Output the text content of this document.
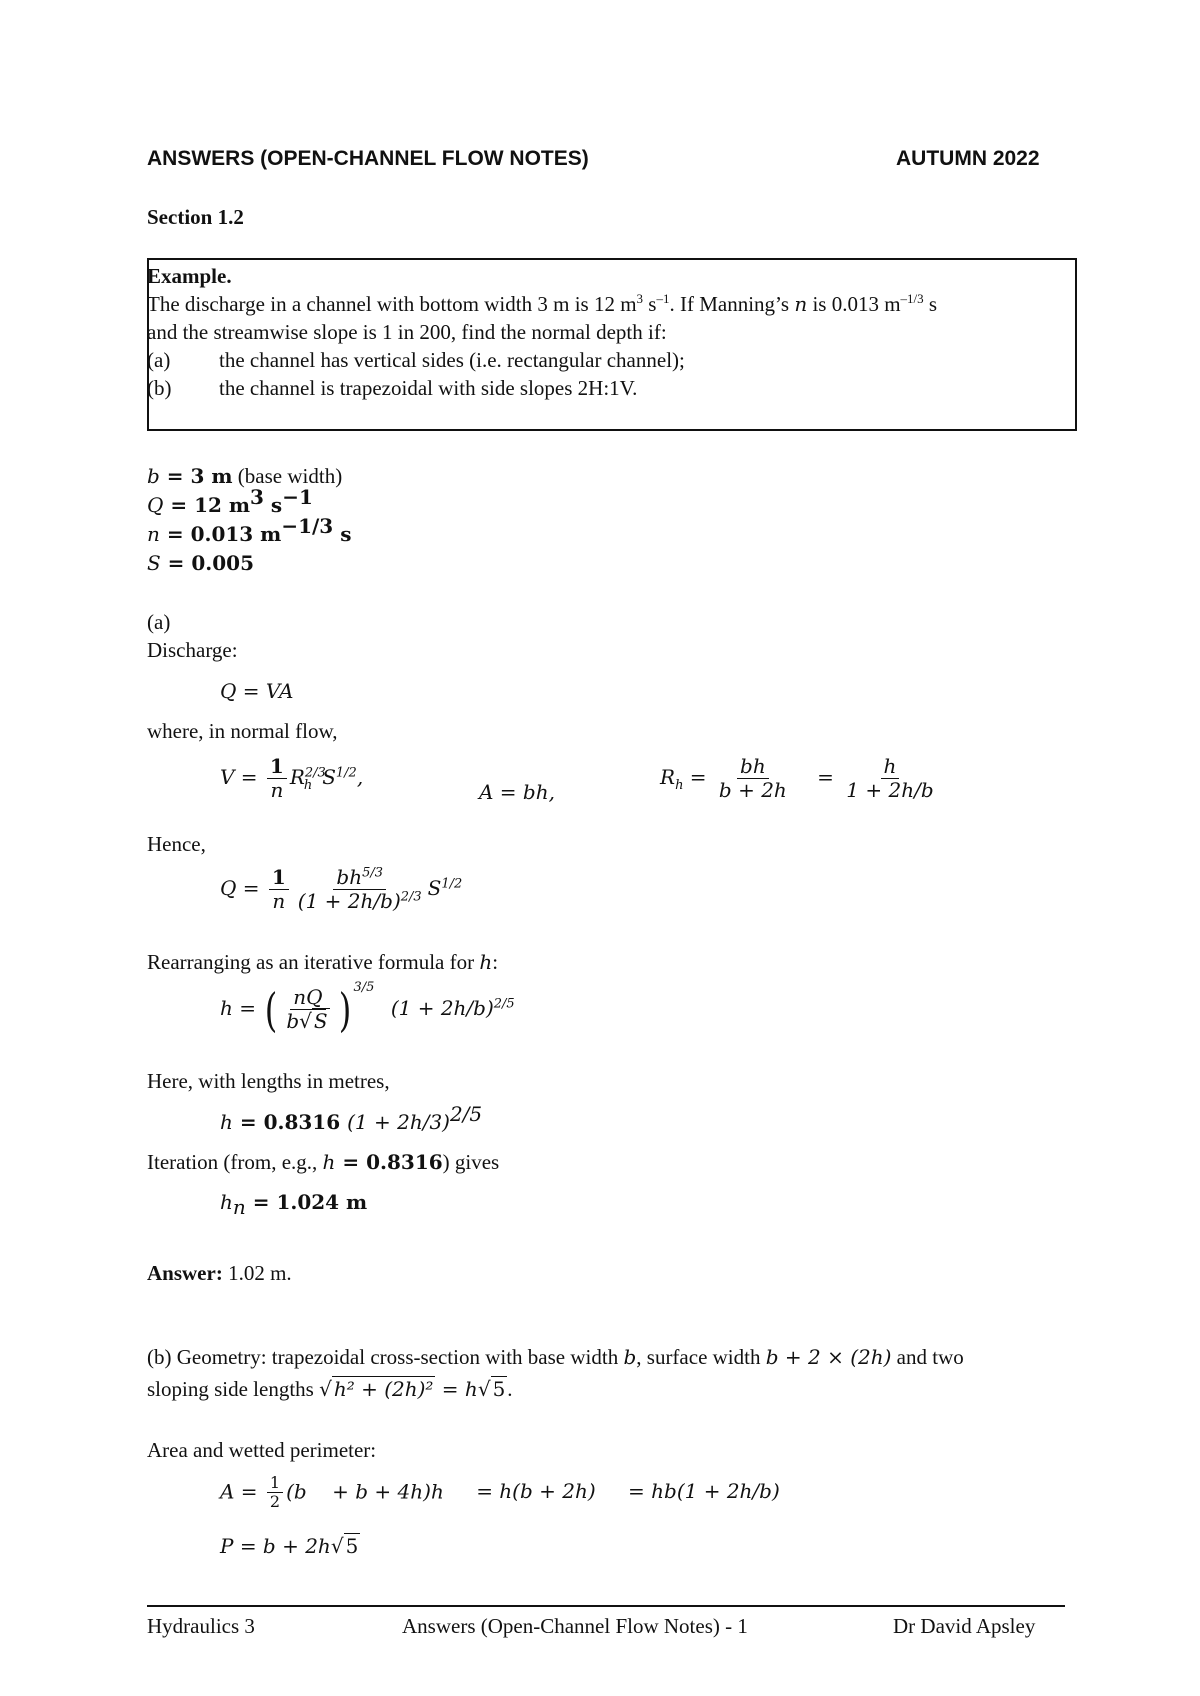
ANSWERS (OPEN-CHANNEL FLOW NOTES)	AUTUMN 2022
Section 1.2
Example.
The discharge in a channel with bottom width 3 m is 12 $m^3$ $s^{-1}$. If Manning’s n is 0.013 $m^{-1/3}$ s
and the streamwise slope is 1 in 200, find the normal depth if:
(a) the channel has vertical sides (i.e. rectangular channel);
(b) the channel is trapezoidal with side slopes 2H:1V.
b = 3 m (base width)
Q = 12 $m^3$ $s^{-1}$
n = 0.013 $m^{-1/3}$ s
S = 0.005
(a)
Discharge:
Q = VA
where, in normal flow,
$V = \frac{1}{n} R^{2/3}_h$ $S^{1/2}$,
A = bh,
$R_h = \frac{bh}{b + 2h} = \frac{h}{1 + 2h/b}$
Hence,
$Q = \frac{1}{n} \frac{bh^{5/3}}{(1 + 2h/b)^{2/3}} S^{1/2}$
Rearranging as an iterative formula for h:
h = ( $\frac{nQ}{b√ S}$ ) $^{3/5}$ $(1 + 2h/b)^{2/5}$
Here, with lengths in metres,
h = 0.8316 $(1 + 2h/3)^{2/5}$
Iteration (from, e.g., h = 0.8316) gives
$h_n = 1.024$ m
Answer: 1.02 m.
(b) Geometry: trapezoidal cross-section with base width b, surface width b + 2 × (2h) and two
sloping side lengths √ h² + (2h)² = h√ 5.
Area and wetted perimeter:
$A = \frac{1}{2} (b$    + b + 4h)h = h(b + 2h) = hb(1 + 2h/b)
P = b + 2h√ 5
Hydraulics 3	Answers (Open-Channel Flow Notes) - 1	Dr David Apsley
